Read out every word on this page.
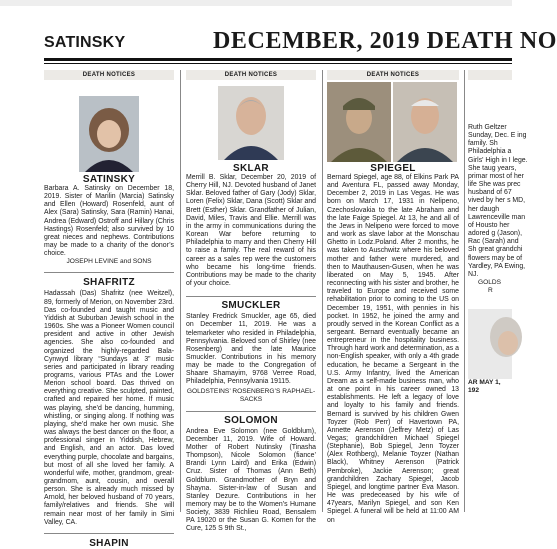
SATINSKY	DECEMBER, 2019 DEATH NO
DEATH NOTICES
SATINSKY

Barbara A. Satinsky on December 18, 2019. Sister of Marilin (Marcia) Satinsky and Ellen (Howard) Rosenfeld, aunt of Alex (Sara) Satinsky, Sara (Ramin) Hanai, Andrea (Edward) Ostroff and Hillary (Chris Hastings) Rosenfeld; also survived by 10 great nieces and nephews. Contributions may be made to a charity of the donor’s choice.

JOSEPH LEVINE and SONS
SHAFRITZ

Hadassah (Das) Shafritz (nee Weitzel), 89, formerly of Merion, on November 23rd. Das co-founded and taught music and Yiddish at Suburban Jewish school in the 1960s. She was a Pioneer Women council president and active in other Jewish agencies. She also co-founded and organized the highly-regarded Bala-Cynwyd library “Sundays at 3” music series and participated in library reading programs, various PTAs and the Lower Merion school board. Das thrived on everything creative. She sculpted, painted, crafted and repaired her home. If music was playing, she’d be dancing, humming, whistling, or singing along. If nothing was playing, she’d make her own music. She was always the best dancer on the floor, a professional singer in Yiddish, Hebrew, and English, and an actor. Das loved everything purple, chocolate and bargains, but most of all she loved her family. A wonderful wife, mother, grandmom, great-grandmom, aunt, cousin, and overall person. She is already much missed by Arnold, her beloved husband of 70 years, family/relatives and friends. She will remain near most of her family in Simi Valley, CA.

SHAPIN
DEATH NOTICES
SKLAR

Merrill B. Sklar, December 20, 2019 of Cherry Hill, NJ. Devoted husband of Janet Sklar. Beloved father of Gary (Jody) Sklar, Loren (Felix) Sklar, Dana (Scott) Sklar and Brett (Esther) Sklar. Grandfather of Julian, David, Miles, Travis and Ellie. Merrill was in the army in communications during the Korean War before returning to Philadelphia to marry and then Cherry Hill to raise a family. The real reward of his career as a sales rep were the customers who became his long-time friends. Contributions may be made to the charity of your choice.

SMUCKLER

Stanley Fredrick Smuckler, age 65, died on December 11, 2019. He was a telemarketer who resided in Philadelphia, Pennsylvania. Beloved son of Shirley (nee Rosenberg) and the late Maurice Smuckler. Contributions in his memory may be made to the Congregation of Shaare Shamayim, 9768 Verree Road, Philadelphia, Pennsylvania 19115.

GOLDSTEINS’ ROSENBERG’S RAPHAEL-SACKS
SOLOMON

Andrea Eve Solomon (nee Goldblum), December 11, 2019. Wife of Howard. Mother of Robert Nutinsky (Tinasha Thompson), Nicole Solomon (fiance’ Brandi Lynn Laird) and Erika (Edwin) Cruz. Sister of Thomas (Ann Beth) Goldblum. Grandmother of Bryn and Shayna. Sister-in-law of Susan and Stanley Dezure. Contributions in her memory may be to the Women’s Humane Society, 3839 Richlieu Road, Bensalem PA 19020 or the Susan G. Komen for the Cure, 125 S 9th St.,

DEATH NOTICES
SPIEGEL

Bernard Spiegel, age 88, of Elkins Park PA and Aventura FL, passed away Monday, December 2, 2019 in Las Vegas. He was born on March 17, 1931 in Nelipeno, Czechoslovakia to the late Abraham and the late Faige Spiegel. At 13, he and all of the Jews in Nelipeno were forced to move and work as slave labor at the Monschau Ghetto in Lodz.Poland. After 2 months, he was taken to Auschwitz where his beloved mother and father were murdered, and then to Mauthausen-Gusen, when he was liberated on May 5, 1945. After reconnecting with his sister and brother, he traveled to Europe and received some rehabilitation prior to coming to the US on December 19, 1951, with pennies in his pocket. In 1952, he joined the army and proudly served in the Korean Conflict as a sergeant. Bernard eventually became an entrepreneur in the hospitality business. Through hard work and determination, as a non-English speaker, with only a 4th grade education, he became a Sergeant in the U.S. Army Infantry, lived the American Dream as a self-made business man, who at one point in his career owned 13 establishments. He left a legacy of love and loyalty to his family and friends. Bernard is survived by his children Gwen Toyzer (Rob Perr) of Havertown PA, Annette Aerenson (Jeffrey Metz) of Las Vegas; grandchildren Michael Spiegel (Stephanie), Bob Spiegel, Jenn Toyzer (Alex Rothberg), Melanie Toyzer (Nathan Black), Whitney Aerenson (Patrick Pembroke), Jackie Aerenson; great grandchildren Zachary Spiegel, Jacob Spiegel, and longtime partner Eva Mason. He was predeceased by his wife of 47years, Marilyn Spiegel, and son Ken Spiegel. A funeral will be held at 11:00 AM on

Ruth Geltzer Sunday, Dec. E ing family. Sh Philadelphia a Girls' High in I lege. She taug years, primar most of her life She was prec husband of 67 vived by her s MD, her daugh Lawrenceville man of Housto her adored g (Jason), Rac (Sarah) and Sh great grandchi flowers may be of Yardley, PA Ewing, NJ.

GOLDS
R
AR MAY 1, 192
